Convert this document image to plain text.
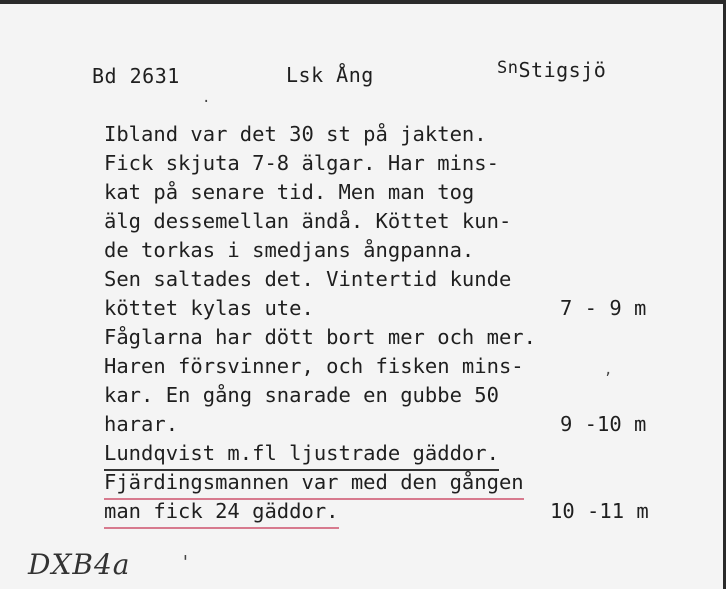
Bd 2631	Lsk Ång	$^{Sn}$Stigsjö
Ibland var det 30 st på jakten.
Fick skjuta 7-8 älgar. Har mins-
kat på senare tid. Men man tog
älg dessemellan ändå. Köttet kun-
de torkas i smedjans ångpanna.
Sen saltades det. Vintertid kunde
köttet kylas ute.	7 - 9 m
Fåglarna har dött bort mer och mer.
Haren försvinner, och fisken mins-
kar. En gång snarade en gubbe 50
harar.	9 -10 m
Lundqvist m.fl ljustrade gäddor.
Fjärdingsmannen var med den gången
man fick 24 gäddor.	10 -11 m
.
,
'
DXB4a
